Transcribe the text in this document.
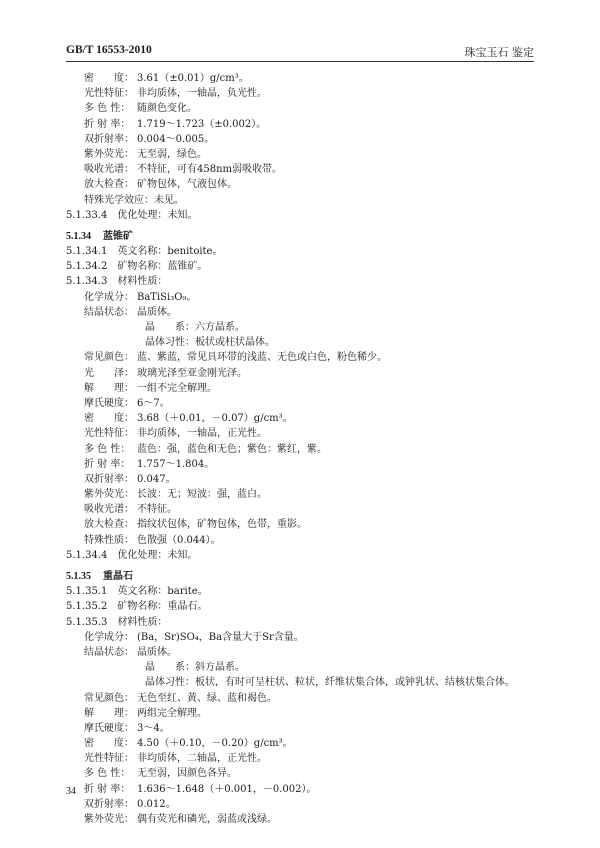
GB/T 16553-2010	珠宝玉石 鉴定
密　　度： 3.61（±0.01）g/cm³。
光性特征： 非均质体，一轴晶，负光性。
多 色 性： 随颜色变化。
折 射 率： 1.719～1.723（±0.002）。
双折射率： 0.004～0.005。
紫外荧光： 无至弱，绿色。
吸收光谱： 不特征，可有458nm弱吸收带。
放大检查： 矿物包体，气液包体。
特殊光学效应：未见。
5.1.33.4　优化处理：未知。
5.1.34 蓝锥矿
5.1.34.1　英文名称：benitoite。
5.1.34.2　矿物名称：蓝锥矿。
5.1.34.3　材料性质：
化学成分： BaTiSi₃O₉。
结晶状态： 晶质体。
晶　　系：六方晶系。
晶体习性：板状或柱状晶体。
常见颜色： 蓝、紫蓝，常见具环带的浅蓝、无色或白色，粉色稀少。
光　　泽： 玻璃光泽至亚金刚光泽。
解　　理： 一组不完全解理。
摩氏硬度： 6～7。
密　　度： 3.68（＋0.01，－0.07）g/cm³。
光性特征： 非均质体，一轴晶，正光性。
多 色 性： 蓝色：强，蓝色和无色；紫色：紫红，紫。
折 射 率： 1.757～1.804。
双折射率： 0.047。
紫外荧光： 长波：无；短波：强，蓝白。
吸收光谱： 不特征。
放大检查： 指纹状包体，矿物包体，色带，重影。
特殊性质： 色散强（0.044）。
5.1.34.4　优化处理：未知。
5.1.35 重晶石
5.1.35.1　英文名称：barite。
5.1.35.2　矿物名称：重晶石。
5.1.35.3　材料性质：
化学成分： (Ba，Sr)SO₄，Ba含量大于Sr含量。
结晶状态： 晶质体。
晶　　系：斜方晶系。
晶体习性：板状，有时可呈柱状、粒状，纤维状集合体，或钟乳状、结核状集合体。
常见颜色： 无色至红、黄、绿、蓝和褐色。
解　　理： 两组完全解理。
摩氏硬度： 3～4。
密　　度： 4.50（＋0.10，－0.20）g/cm³。
光性特征： 非均质体，二轴晶，正光性。
多 色 性： 无至弱，因颜色各异。
折 射 率： 1.636～1.648（＋0.001，－0.002）。
双折射率： 0.012。
紫外荧光： 偶有荧光和磷光，弱蓝或浅绿。
34
